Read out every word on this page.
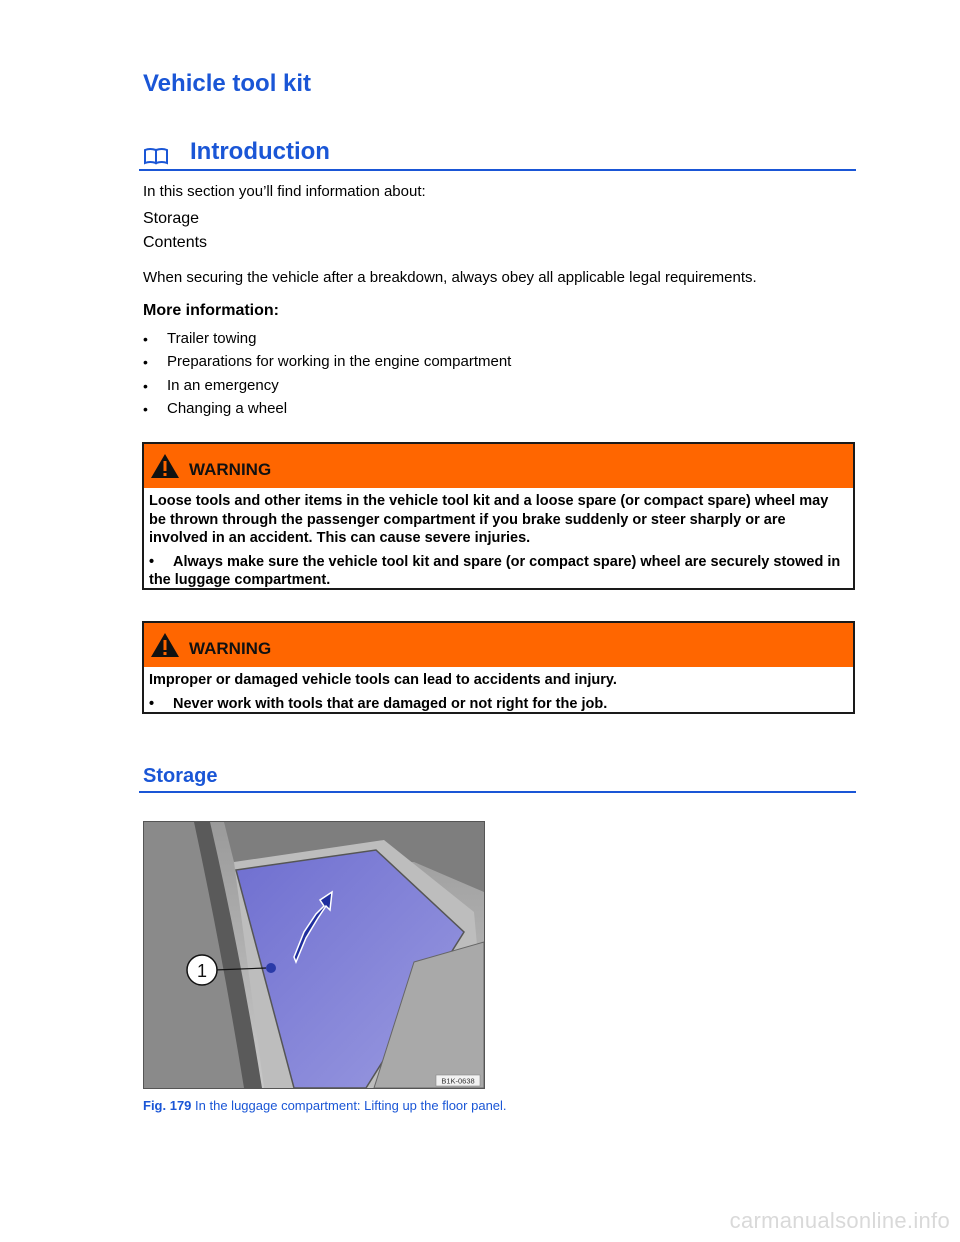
Vehicle tool kit
Introduction

In this section you’ll find information about:

Storage
Contents

When securing the vehicle after a breakdown, always obey all applicable legal requirements.

More information:
• Trailer towing
• Preparations for working in the engine compartment
• In an emergency
• Changing a wheel
WARNING
Loose tools and other items in the vehicle tool kit and a loose spare (or compact spare) wheel may be thrown through the passenger compartment if you brake suddenly or steer sharply or are involved in an accident. This can cause severe injuries.
• Always make sure the vehicle tool kit and spare (or compact spare) wheel are securely stowed in the luggage compartment.
WARNING
Improper or damaged vehicle tools can lead to accidents and injury.
• Never work with tools that are damaged or not right for the job.
Storage
1
B1K-0638
Fig. 179 In the luggage compartment: Lifting up the floor panel.
carmanualsonline.info
